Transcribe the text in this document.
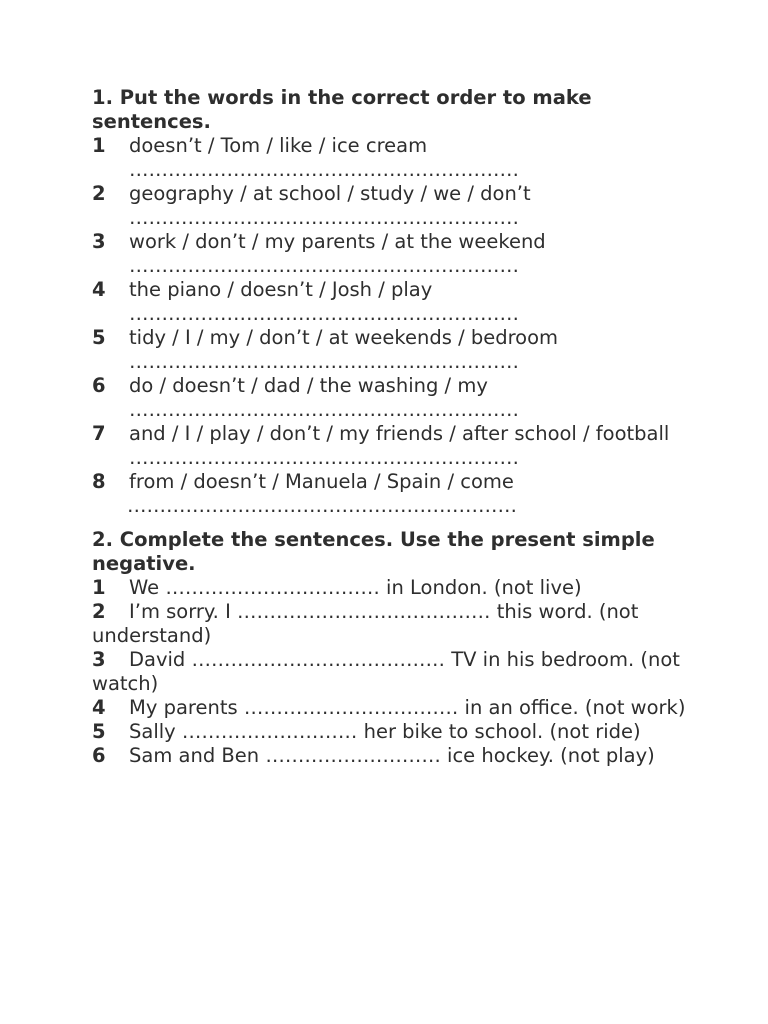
1. Put the words in the correct order to make sentences.

1 doesn’t / Tom / like / ice cream

……………………………………………………

2 geography / at school / study / we / don’t

……………………………………………………

3 work / don’t / my parents / at the weekend

……………………………………………………

4 the piano / doesn’t / Josh / play

……………………………………………………

5 tidy / I / my / don’t / at weekends / bedroom

……………………………………………………

6 do / doesn’t / dad / the washing / my

……………………………………………………

7 and / I / play / don’t / my friends / after school / football

……………………………………………………

8 from / doesn’t / Manuela / Spain / come

……………………………………………………

2. Complete the sentences. Use the present simple negative.

1 We …………………………… in London. (not live)

2 I’m sorry. I ………………………………… this word. (not understand)

3 David ………………………………… TV in his bedroom. (not watch)

4 My parents …………………………… in an office. (not work)

5 Sally ……………………… her bike to school. (not ride)

6 Sam and Ben ……………………… ice hockey. (not play)
